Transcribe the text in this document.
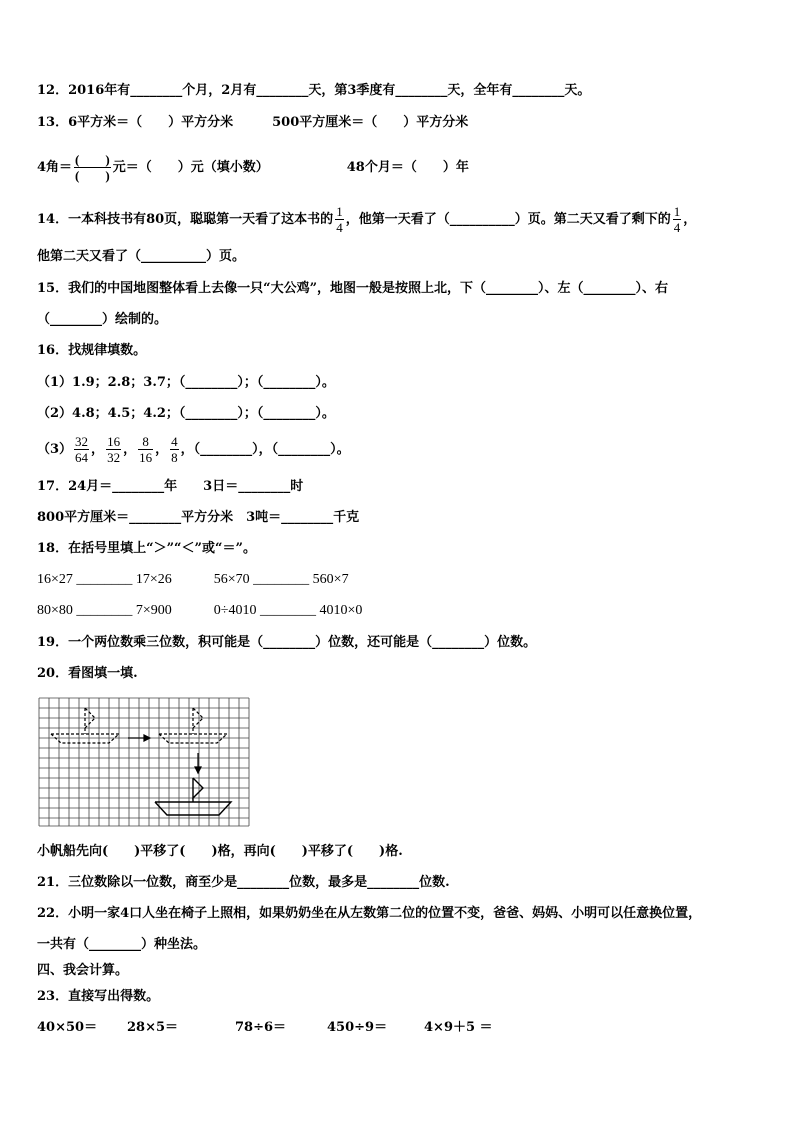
12．2016年有________个月，2月有________天，第3季度有________天，全年有________天。
13．6平方米＝（　　）平方分米　　　500平方厘米＝（　　）平方分米
4角＝ $\frac{( )}{( )}$ 元＝（　　）元（填小数）	48个月＝（　　）年
14．一本科技书有80页，聪聪第一天看了这本书的 $\frac{1}{4}$ ，他第一天看了（__________）页。第二天又看了剩下的 $\frac{1}{4}$ ，
他第二天又看了（__________）页。
15．我们的中国地图整体看上去像一只“大公鸡”，地图一般是按照上北，下（________）、左（________）、右
（________）绘制的。
16．找规律填数。
（1）1.9；2.8；3.7；（________）；（________）。
（2）4.8；4.5；4.2；（________）；（________）。
$(3) \frac{32}{64}$ ， $\frac{16}{32}$ ， $\frac{8}{16}$ ， $\frac{4}{8}$ ，（________），（________）。
17．24月＝________年　　3日＝________时
800平方厘米＝________平方分米　3吨＝________千克
18．在括号里填上“＞”“＜”或“＝”。
16×27 ________ 17×26　　　56×70 ________ 560×7
80×80 ________ 7×900　　　0÷4010 ________ 4010×0
19．一个两位数乘三位数，积可能是（________）位数，还可能是（________）位数。
20．看图填一填.
小帆船先向(　　)平移了(　　)格，再向(　　)平移了(　　)格.
21．三位数除以一位数，商至少是________位数，最多是________位数.
22．小明一家4口人坐在椅子上照相，如果奶奶坐在从左数第二位的位置不变，爸爸、妈妈、小明可以任意换位置，
一共有（________）种坐法。
四、我会计算。
23．直接写出得数。
40×50＝ 28×5＝	78÷6＝	450÷9＝	4×9＋5 ＝
